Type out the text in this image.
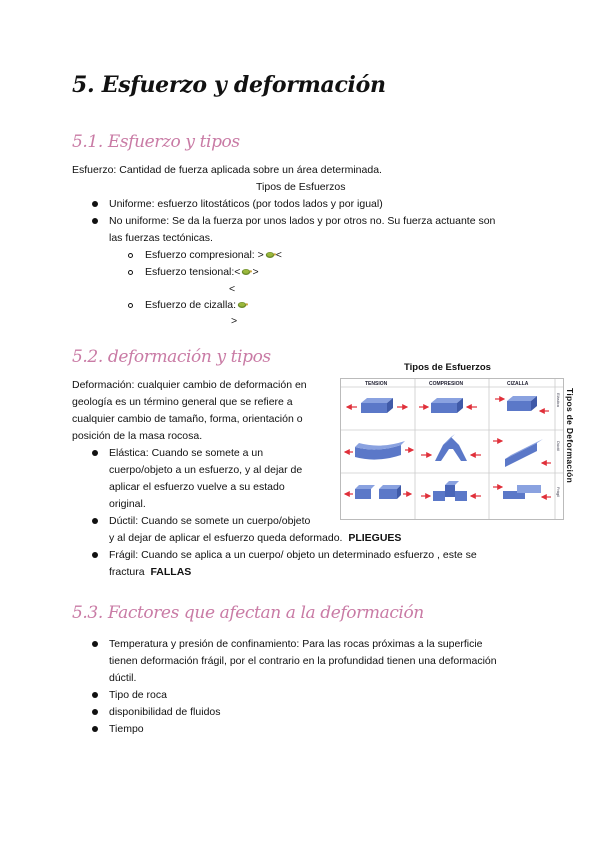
5. Esfuerzo y deformación
5.1. Esfuerzo y tipos
Esfuerzo: Cantidad de fuerza aplicada sobre un área determinada.
Tipos de Esfuerzos
Uniforme: esfuerzo litostáticos (por todos lados y por igual)
No uniforme: Se da la fuerza por unos lados y por otros no. Su fuerza actuante son
las fuerzas tectónicas.
Esfuerzo compresional: > <
Esfuerzo tensional:< >
<
Esfuerzo de cizalla:
>
5.2. deformación y tipos
Deformación: cualquier cambio de deformación en
geología es un término general que se refiere a
cualquier cambio de tamaño, forma, orientación o
posición de la masa rocosa.
Elástica: Cuando se somete a un
cuerpo/objeto a un esfuerzo, y al dejar de
aplicar el esfuerzo vuelve a su estado
original.
Dúctil: Cuando se somete un cuerpo/objeto
y al dejar de aplicar el esfuerzo queda deformado. PLIEGUES
Frágil: Cuando se aplica a un cuerpo/ objeto un determinado esfuerzo , este se
fractura FALLAS
Tipos de Esfuerzos
TENSION	COMPRESION	CIZALLA
Elástica
Dúctil
Frágil
Tipos de Deformación
5.3. Factores que afectan a la deformación
Temperatura y presión de confinamiento: Para las rocas próximas a la superficie
tienen deformación frágil, por el contrario en la profundidad tienen una deformación
dúctil.
Tipo de roca
disponibilidad de fluidos
Tiempo
